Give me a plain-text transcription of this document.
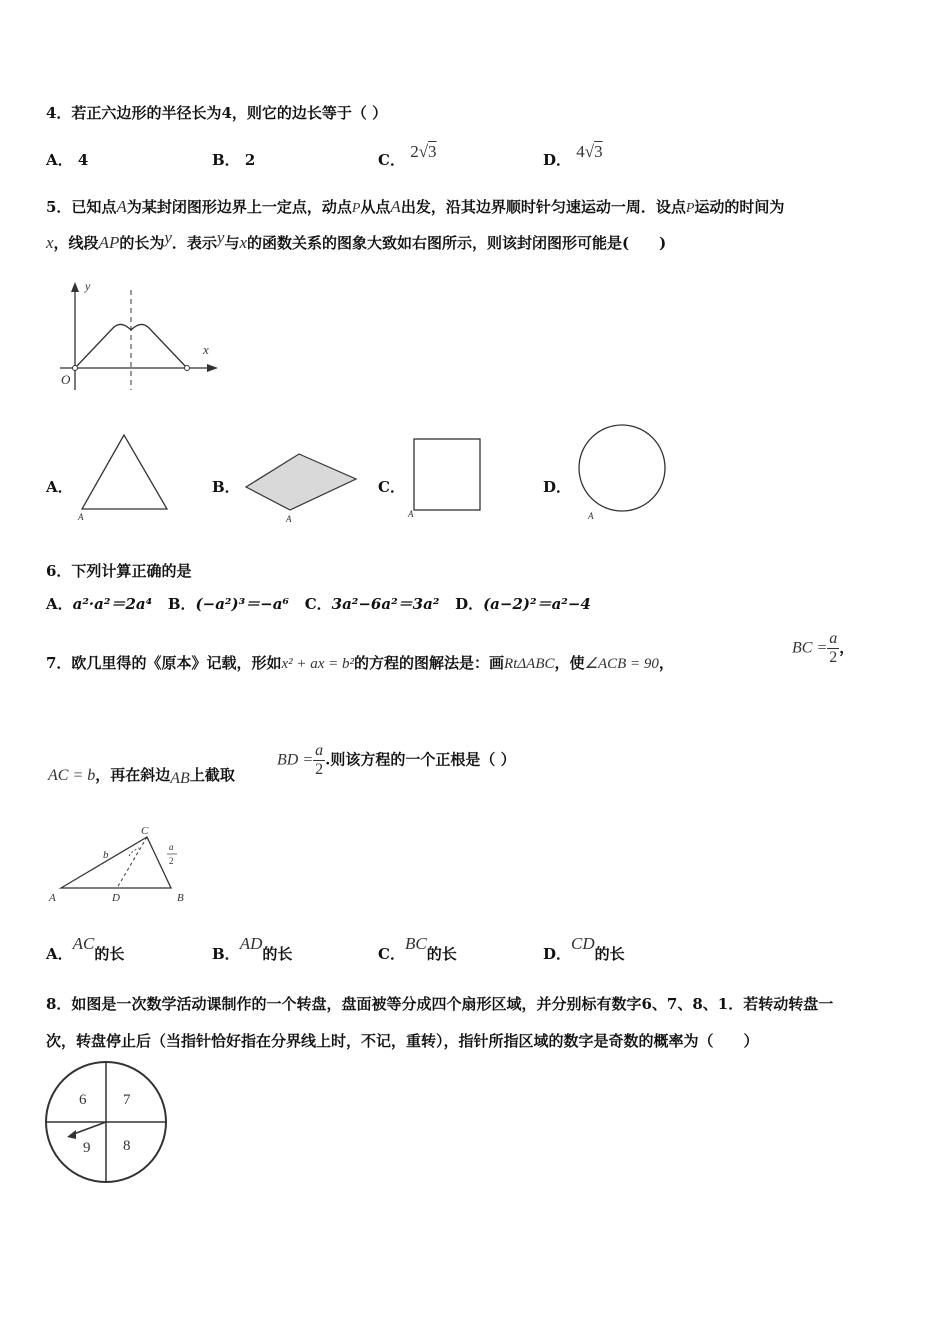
4．若正六边形的半径长为4，则它的边长等于（ ）
A． 4	B． 2	C． 2√3	D． 4√3
5．已知点A为某封闭图形边界上一定点，动点P从点A出发，沿其边界顺时针匀速运动一周．设点P运动的时间为
x，线段AP的长为y．表示y与x的函数关系的图象大致如右图所示，则该封闭图形可能是(　　)
y
x
O
A．
A
B．
A
C．
A
D．
A
6．下列计算正确的是
A．a²·a²＝2a⁴ B．(−a²)³＝−a⁶ C．3a²−6a²＝3a² D．(a−2)²＝a²−4
7．欧几里得的《原本》记载，形如x² + ax = b²的方程的图解法是：画RtΔABC，使∠ACB = 90，
BC = $\frac{a}{2}$ ，
AC = b，再在斜边AB上截取
BD = $\frac{a}{2}$ .则该方程的一个正根是（ ）
A	D	B
C
b
a
2
A．AC的长	B．AD的长	C．BC的长	D．CD的长
8．如图是一次数学活动课制作的一个转盘，盘面被等分成四个扇形区域，并分别标有数字6、7、8、1．若转动转盘一
次，转盘停止后（当指针恰好指在分界线上时，不记，重转），指针所指区域的数字是奇数的概率为（　　）
6 7
9 8
